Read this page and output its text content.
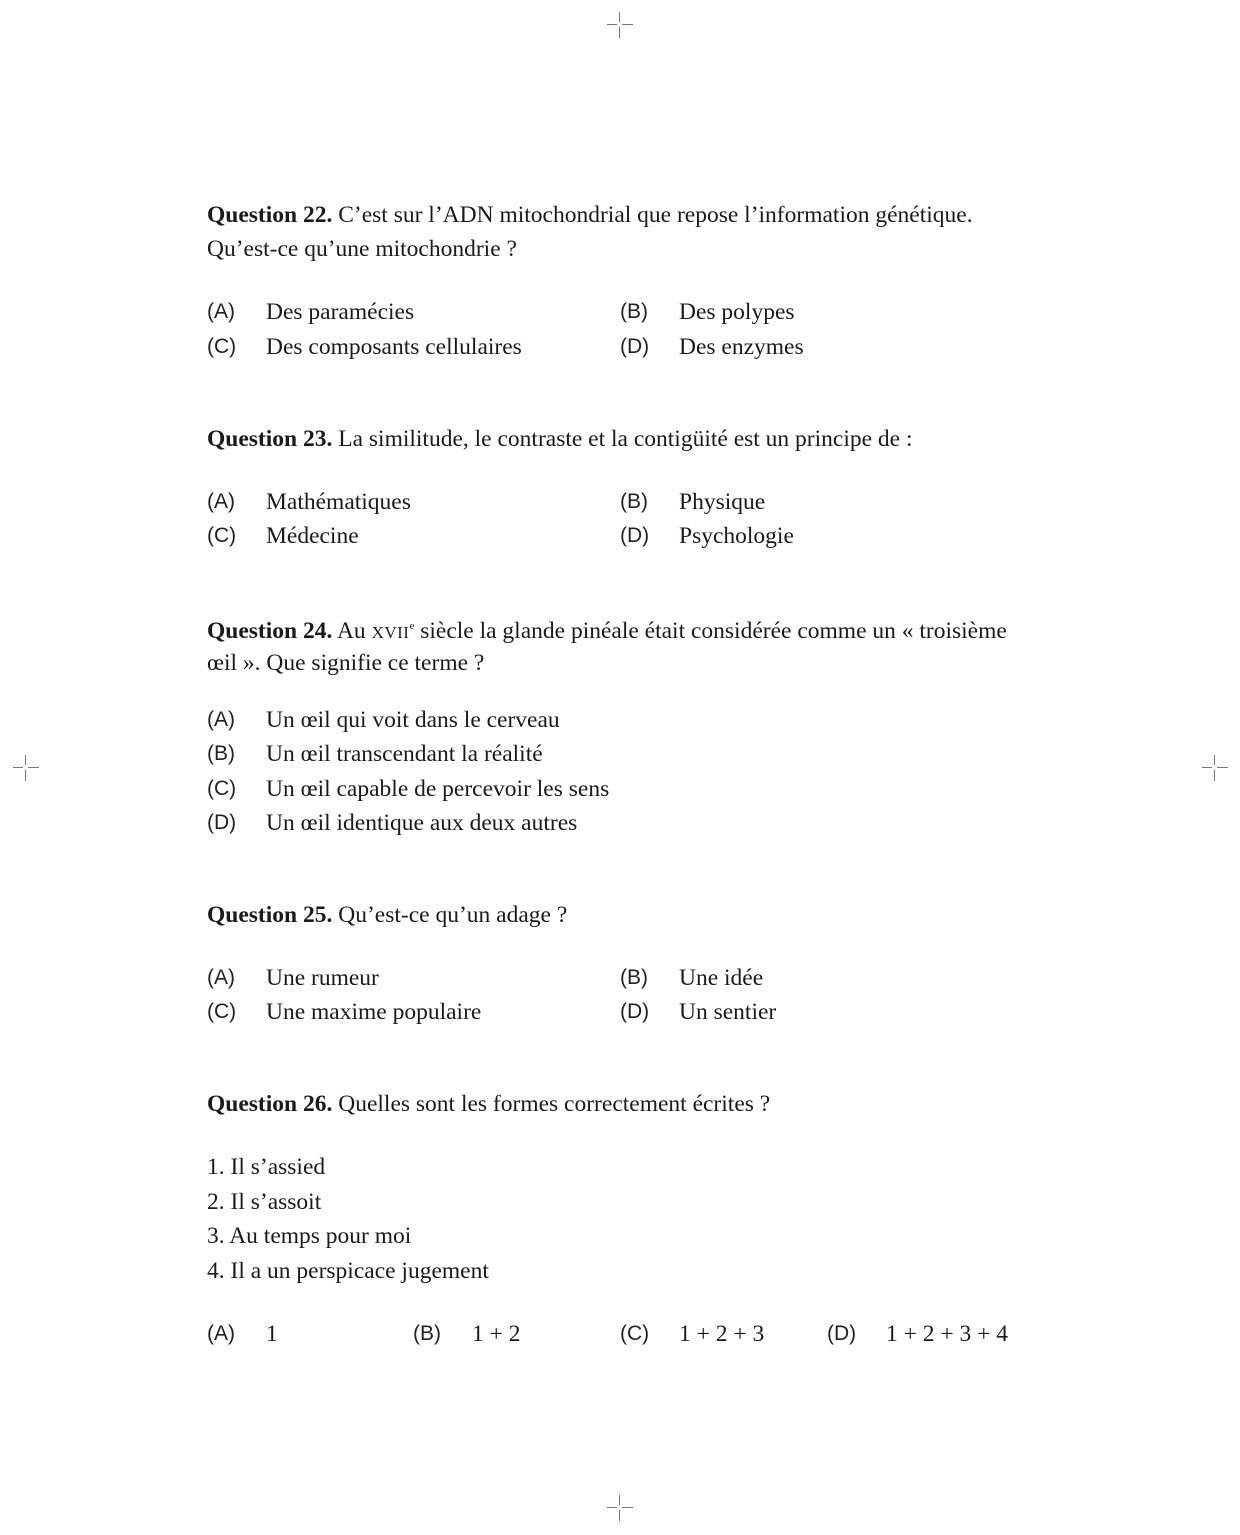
Question 22. C’est sur l’ADN mitochondrial que repose l’information génétique.
Qu’est-ce qu’une mitochondrie ?
(A) Des paramécies	(B) Des polypes
(C) Des composants cellulaires	(D) Des enzymes
Question 23. La similitude, le contraste et la contigüité est un principe de :
(A) Mathématiques	(B) Physique
(C) Médecine	(D) Psychologie
Question 24. Au XVIIe siècle la glande pinéale était considérée comme un « troisième
œil ». Que signifie ce terme ?
(A) Un œil qui voit dans le cerveau
(B) Un œil transcendant la réalité
(C) Un œil capable de percevoir les sens
(D) Un œil identique aux deux autres
Question 25. Qu’est-ce qu’un adage ?
(A) Une rumeur	(B) Une idée
(C) Une maxime populaire	(D) Un sentier
Question 26. Quelles sont les formes correctement écrites ?
1. Il s’assied
2. Il s’assoit
3. Au temps pour moi
4. Il a un perspicace jugement
(A) 1	(B) 1 + 2	(C) 1 + 2 + 3	(D) 1 + 2 + 3 + 4
